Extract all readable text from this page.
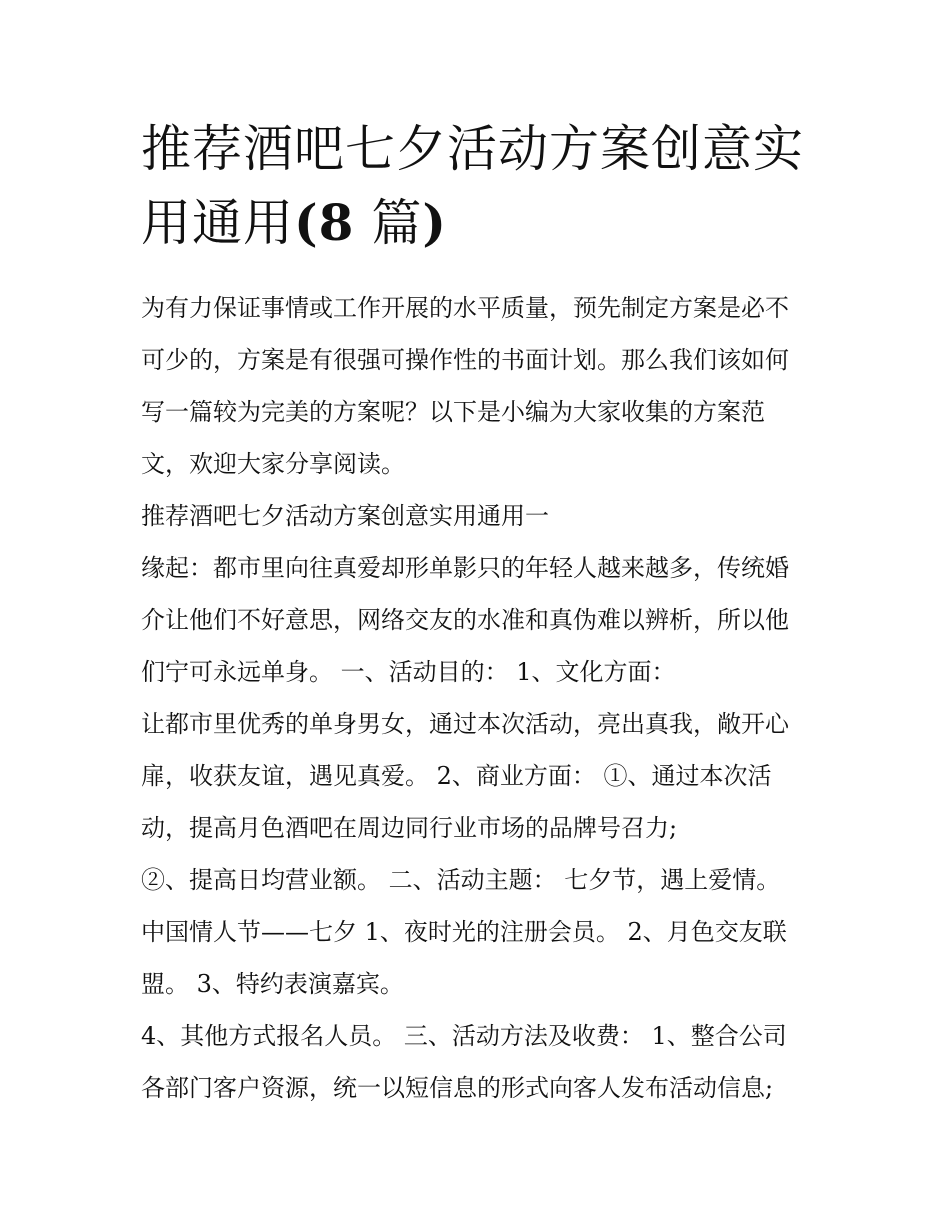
推荐酒吧七夕活动方案创意实
用通用(8 篇)

为有力保证事情或工作开展的水平质量，预先制定方案是必不

可少的，方案是有很强可操作性的书面计划。那么我们该如何

写一篇较为完美的方案呢？以下是小编为大家收集的方案范

文，欢迎大家分享阅读。

推荐酒吧七夕活动方案创意实用通用一

缘起：都市里向往真爱却形单影只的年轻人越来越多，传统婚

介让他们不好意思，网络交友的水准和真伪难以辨析，所以他

们宁可永远单身。 一、活动目的： 1、文化方面：

让都市里优秀的单身男女，通过本次活动，亮出真我，敞开心

扉，收获友谊，遇见真爱。 2、商业方面： ①、通过本次活

动，提高月色酒吧在周边同行业市场的品牌号召力;

②、提高日均营业额。 二、活动主题： 七夕节，遇上爱情。

中国情人节——七夕 1、夜时光的注册会员。 2、月色交友联

盟。 3、特约表演嘉宾。

4、其他方式报名人员。 三、活动方法及收费： 1、整合公司

各部门客户资源，统一以短信息的形式向客人发布活动信息;
